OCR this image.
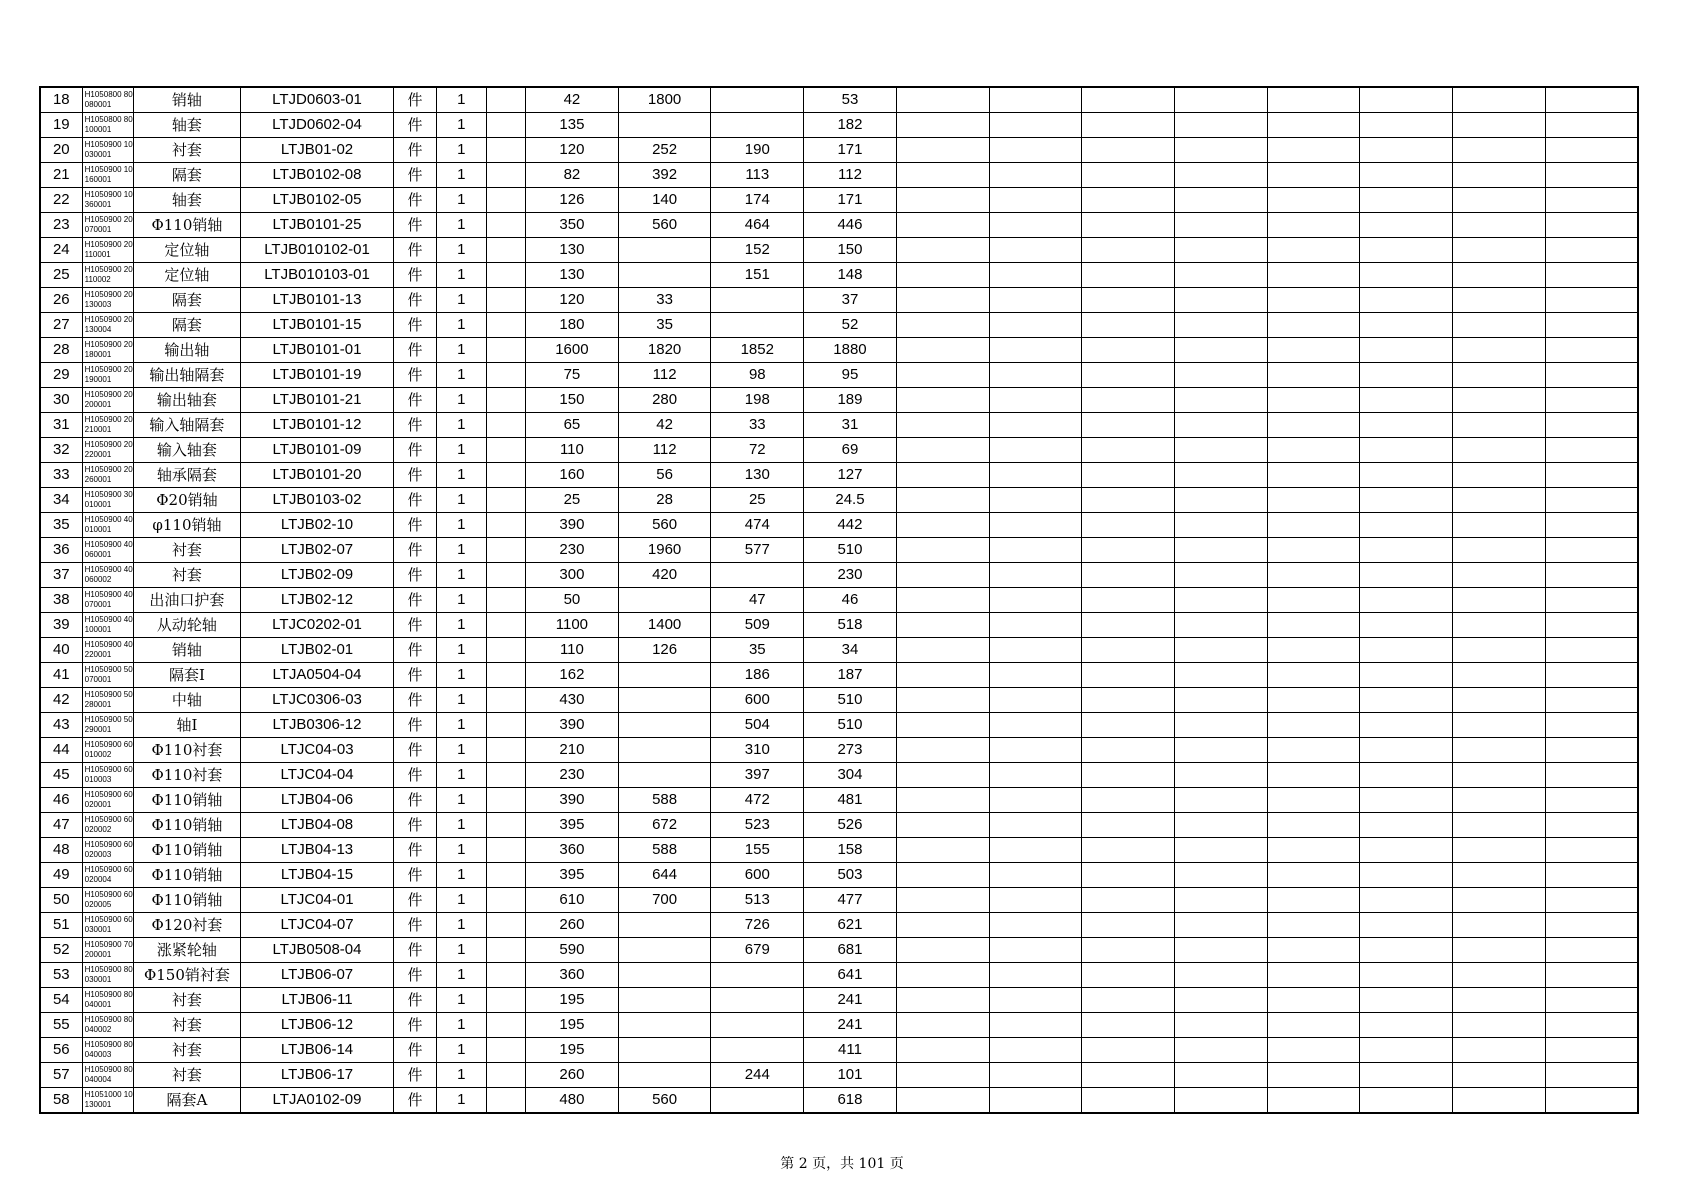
18	H1050800 80080001	销轴	LTJD0603-01	件	1		42	1800		53								
19	H1050800 80100001	轴套	LTJD0602-04	件	1		135			182								
20	H1050900 10030001	衬套	LTJB01-02	件	1		120	252	190	171								
21	H1050900 10160001	隔套	LTJB0102-08	件	1		82	392	113	112								
22	H1050900 10360001	轴套	LTJB0102-05	件	1		126	140	174	171								
23	H1050900 20070001	Φ110销轴	LTJB0101-25	件	1		350	560	464	446								
24	H1050900 20110001	定位轴	LTJB010102-01	件	1		130		152	150								
25	H1050900 20110002	定位轴	LTJB010103-01	件	1		130		151	148								
26	H1050900 20130003	隔套	LTJB0101-13	件	1		120	33		37								
27	H1050900 20130004	隔套	LTJB0101-15	件	1		180	35		52								
28	H1050900 20180001	输出轴	LTJB0101-01	件	1		1600	1820	1852	1880								
29	H1050900 20190001	输出轴隔套	LTJB0101-19	件	1		75	112	98	95								
30	H1050900 20200001	输出轴套	LTJB0101-21	件	1		150	280	198	189								
31	H1050900 20210001	输入轴隔套	LTJB0101-12	件	1		65	42	33	31								
32	H1050900 20220001	输入轴套	LTJB0101-09	件	1		110	112	72	69								
33	H1050900 20260001	轴承隔套	LTJB0101-20	件	1		160	56	130	127								
34	H1050900 30010001	Φ20销轴	LTJB0103-02	件	1		25	28	25	24.5								
35	H1050900 40010001	φ110销轴	LTJB02-10	件	1		390	560	474	442								
36	H1050900 40060001	衬套	LTJB02-07	件	1		230	1960	577	510								
37	H1050900 40060002	衬套	LTJB02-09	件	1		300	420		230								
38	H1050900 40070001	出油口护套	LTJB02-12	件	1		50		47	46								
39	H1050900 40100001	从动轮轴	LTJC0202-01	件	1		1100	1400	509	518								
40	H1050900 40220001	销轴	LTJB02-01	件	1		110	126	35	34								
41	H1050900 50070001	隔套I	LTJA0504-04	件	1		162		186	187								
42	H1050900 50280001	中轴	LTJC0306-03	件	1		430		600	510								
43	H1050900 50290001	轴I	LTJB0306-12	件	1		390		504	510								
44	H1050900 60010002	Φ110衬套	LTJC04-03	件	1		210		310	273								
45	H1050900 60010003	Φ110衬套	LTJC04-04	件	1		230		397	304								
46	H1050900 60020001	Φ110销轴	LTJB04-06	件	1		390	588	472	481								
47	H1050900 60020002	Φ110销轴	LTJB04-08	件	1		395	672	523	526								
48	H1050900 60020003	Φ110销轴	LTJB04-13	件	1		360	588	155	158								
49	H1050900 60020004	Φ110销轴	LTJB04-15	件	1		395	644	600	503								
50	H1050900 60020005	Φ110销轴	LTJC04-01	件	1		610	700	513	477								
51	H1050900 60030001	Φ120衬套	LTJC04-07	件	1		260		726	621								
52	H1050900 70200001	涨紧轮轴	LTJB0508-04	件	1		590		679	681								
53	H1050900 80030001	Φ150销衬套	LTJB06-07	件	1		360			641								
54	H1050900 80040001	衬套	LTJB06-11	件	1		195			241								
55	H1050900 80040002	衬套	LTJB06-12	件	1		195			241								
56	H1050900 80040003	衬套	LTJB06-14	件	1		195			411								
57	H1050900 80040004	衬套	LTJB06-17	件	1		260		244	101								
58	H1051000 10130001	隔套A	LTJA0102-09	件	1		480	560		618								
第 2 页，共 101 页
